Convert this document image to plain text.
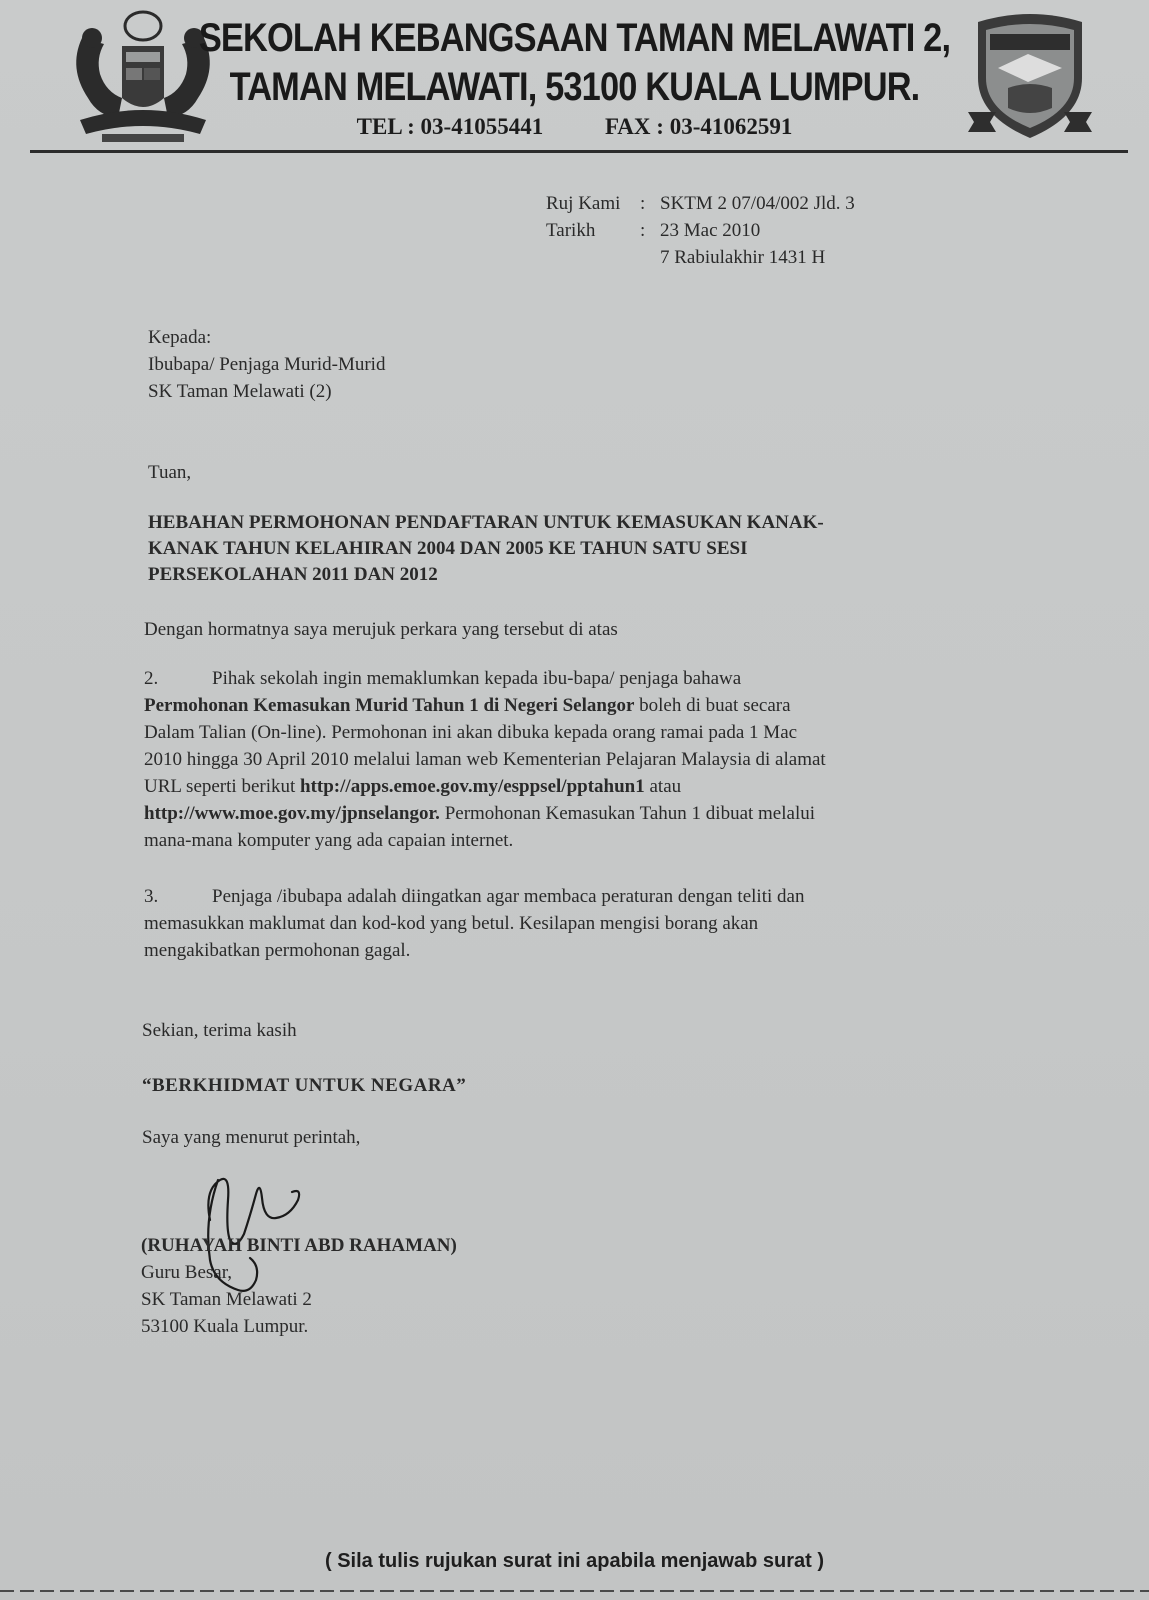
SEKOLAH KEBANGSAAN TAMAN MELAWATI 2,
TAMAN MELAWATI, 53100 KUALA LUMPUR.
TEL : 03-41055441	FAX : 03-41062591
Ruj Kami	: SKTM 2 07/04/002 Jld. 3
Tarikh	: 23 Mac 2010
7 Rabiulakhir 1431 H
Kepada:
Ibubapa/ Penjaga Murid-Murid
SK Taman Melawati (2)
Tuan,
HEBAHAN PERMOHONAN PENDAFTARAN UNTUK KEMASUKAN KANAK-
KANAK TAHUN KELAHIRAN 2004 DAN 2005 KE TAHUN SATU SESI
PERSEKOLAHAN 2011 DAN 2012
Dengan hormatnya saya merujuk perkara yang tersebut di atas
2.	Pihak sekolah ingin memaklumkan kepada ibu-bapa/ penjaga bahawa
Permohonan Kemasukan Murid Tahun 1 di Negeri Selangor boleh di buat secara
Dalam Talian (On-line). Permohonan ini akan dibuka kepada orang ramai pada 1 Mac
2010 hingga 30 April 2010 melalui laman web Kementerian Pelajaran Malaysia di alamat
URL seperti berikut http://apps.emoe.gov.my/esppsel/pptahun1 atau
http://www.moe.gov.my/jpnselangor. Permohonan Kemasukan Tahun 1 dibuat melalui
mana-mana komputer yang ada capaian internet.
3.	Penjaga /ibubapa adalah diingatkan agar membaca peraturan dengan teliti dan
memasukkan maklumat dan kod-kod yang betul. Kesilapan mengisi borang akan
mengakibatkan permohonan gagal.
Sekian, terima kasih
“BERKHIDMAT UNTUK NEGARA”
Saya yang menurut perintah,
(RUHAYAH BINTI ABD RAHAMAN)
Guru Besar,
SK Taman Melawati 2
53100 Kuala Lumpur.
( Sila tulis rujukan surat ini apabila menjawab surat )
